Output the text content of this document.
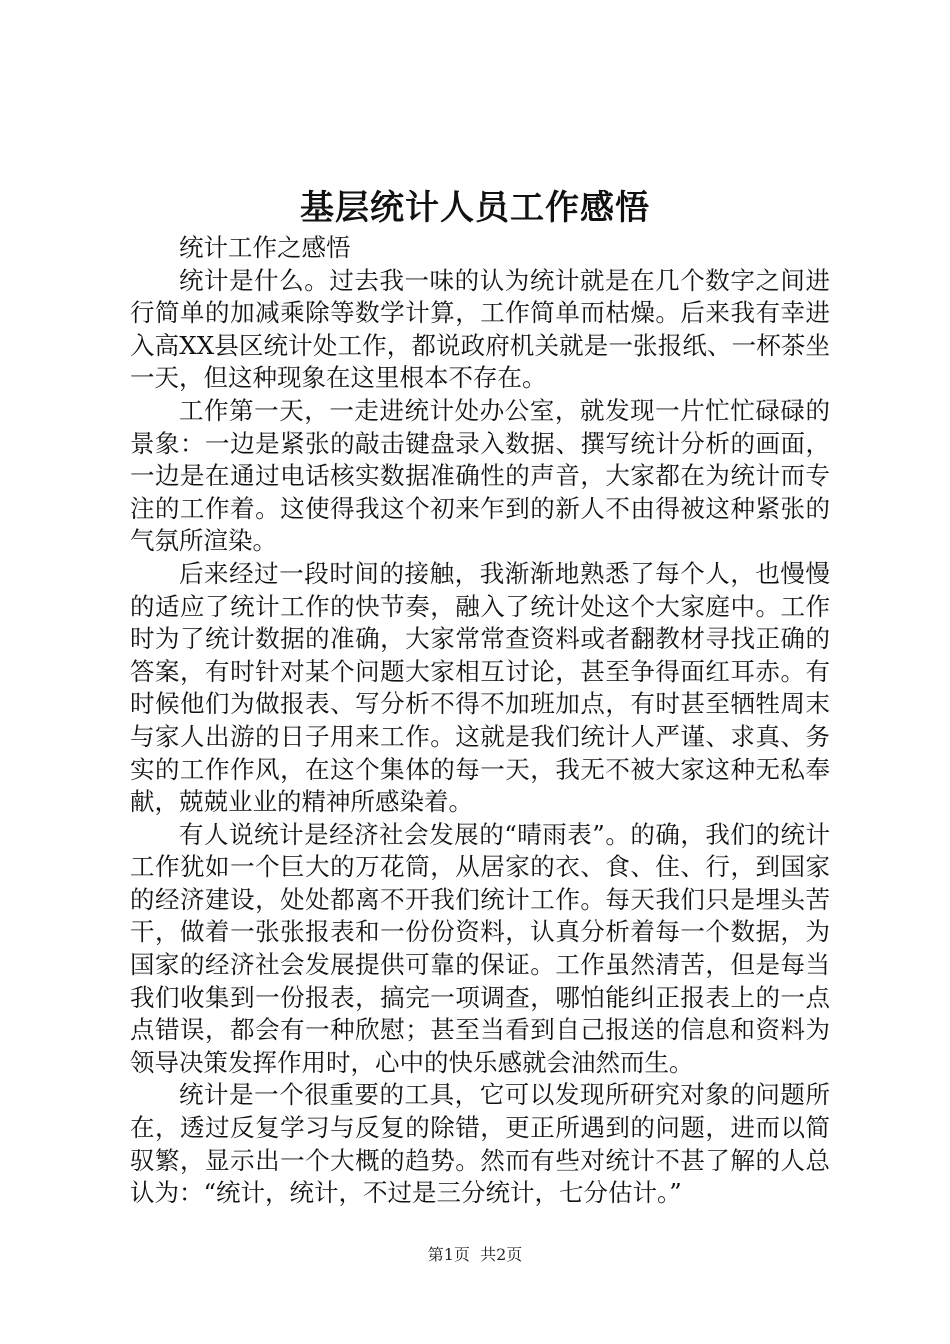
基层统计人员工作感悟

统计工作之感悟

统计是什么。过去我一味的认为统计就是在几个数字之间进行简单的加减乘除等数学计算，工作简单而枯燥。后来我有幸进入高XX县区统计处工作，都说政府机关就是一张报纸、一杯茶坐一天，但这种现象在这里根本不存在。

工作第一天，一走进统计处办公室，就发现一片忙忙碌碌的景象：一边是紧张的敲击键盘录入数据、撰写统计分析的画面，一边是在通过电话核实数据准确性的声音，大家都在为统计而专注的工作着。这使得我这个初来乍到的新人不由得被这种紧张的气氛所渲染。

后来经过一段时间的接触，我渐渐地熟悉了每个人，也慢慢的适应了统计工作的快节奏，融入了统计处这个大家庭中。工作时为了统计数据的准确，大家常常查资料或者翻教材寻找正确的答案，有时针对某个问题大家相互讨论，甚至争得面红耳赤。有时候他们为做报表、写分析不得不加班加点，有时甚至牺牲周末与家人出游的日子用来工作。这就是我们统计人严谨、求真、务实的工作作风，在这个集体的每一天，我无不被大家这种无私奉献，兢兢业业的精神所感染着。

有人说统计是经济社会发展的“晴雨表”。的确，我们的统计工作犹如一个巨大的万花筒，从居家的衣、食、住、行，到国家的经济建设，处处都离不开我们统计工作。每天我们只是埋头苦干，做着一张张报表和一份份资料，认真分析着每一个数据，为国家的经济社会发展提供可靠的保证。工作虽然清苦，但是每当我们收集到一份报表，搞完一项调查，哪怕能纠正报表上的一点点错误，都会有一种欣慰；甚至当看到自己报送的信息和资料为领导决策发挥作用时，心中的快乐感就会油然而生。

统计是一个很重要的工具，它可以发现所研究对象的问题所在，透过反复学习与反复的除错，更正所遇到的问题，进而以简驭繁，显示出一个大概的趋势。然而有些对统计不甚了解的人总认为：“统计，统计，不过是三分统计，七分估计。”

第1页 共2页
